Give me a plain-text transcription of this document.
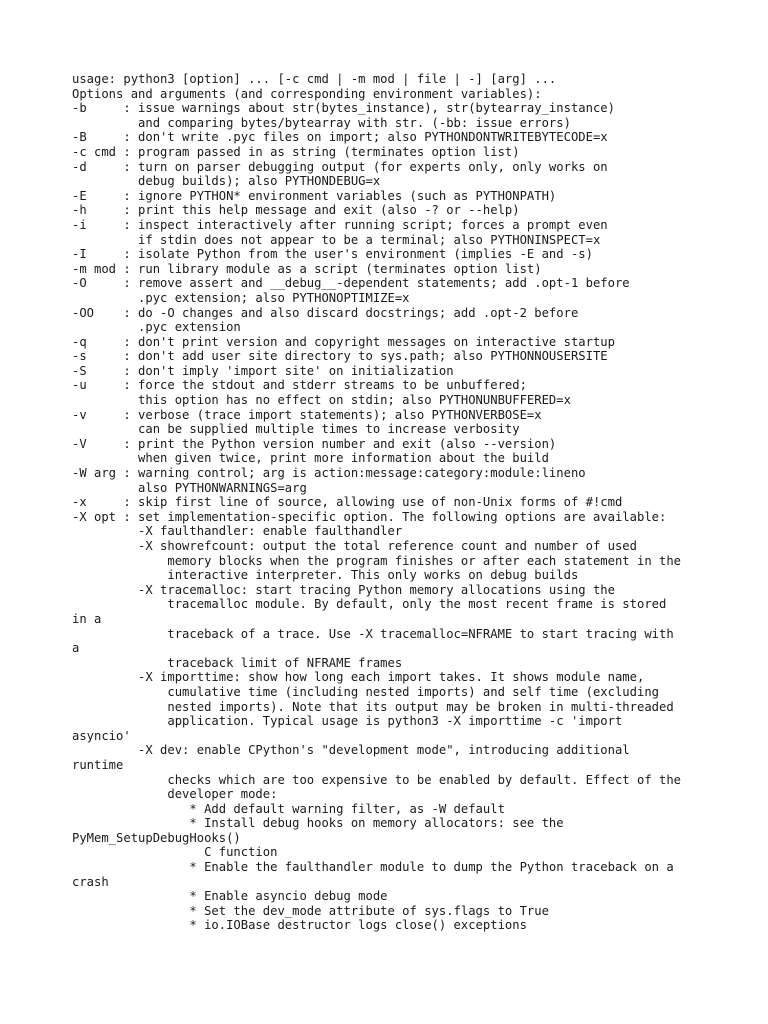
usage: python3 [option] ... [-c cmd | -m mod | file | -] [arg] ...
Options and arguments (and corresponding environment variables):
-b     : issue warnings about str(bytes_instance), str(bytearray_instance)
and comparing bytes/bytearray with str. (-bb: issue errors)
-B     : don't write .pyc files on import; also PYTHONDONTWRITEBYTECODE=x
-c cmd : program passed in as string (terminates option list)
-d     : turn on parser debugging output (for experts only, only works on
debug builds); also PYTHONDEBUG=x
-E     : ignore PYTHON* environment variables (such as PYTHONPATH)
-h     : print this help message and exit (also -? or --help)
-i     : inspect interactively after running script; forces a prompt even
if stdin does not appear to be a terminal; also PYTHONINSPECT=x
-I     : isolate Python from the user's environment (implies -E and -s)
-m mod : run library module as a script (terminates option list)
-O     : remove assert and __debug__-dependent statements; add .opt-1 before
.pyc extension; also PYTHONOPTIMIZE=x
-OO    : do -O changes and also discard docstrings; add .opt-2 before
.pyc extension
-q     : don't print version and copyright messages on interactive startup
-s     : don't add user site directory to sys.path; also PYTHONNOUSERSITE
-S     : don't imply 'import site' on initialization
-u     : force the stdout and stderr streams to be unbuffered;
this option has no effect on stdin; also PYTHONUNBUFFERED=x
-v     : verbose (trace import statements); also PYTHONVERBOSE=x
can be supplied multiple times to increase verbosity
-V     : print the Python version number and exit (also --version)
when given twice, print more information about the build
-W arg : warning control; arg is action:message:category:module:lineno
also PYTHONWARNINGS=arg
-x     : skip first line of source, allowing use of non-Unix forms of #!cmd
-X opt : set implementation-specific option. The following options are available:
-X faulthandler: enable faulthandler
-X showrefcount: output the total reference count and number of used
memory blocks when the program finishes or after each statement in the
interactive interpreter. This only works on debug builds
-X tracemalloc: start tracing Python memory allocations using the
tracemalloc module. By default, only the most recent frame is stored
in a
traceback of a trace. Use -X tracemalloc=NFRAME to start tracing with
a
traceback limit of NFRAME frames
-X importtime: show how long each import takes. It shows module name,
cumulative time (including nested imports) and self time (excluding
nested imports). Note that its output may be broken in multi-threaded
application. Typical usage is python3 -X importtime -c 'import
asyncio'
-X dev: enable CPython's "development mode", introducing additional
runtime
checks which are too expensive to be enabled by default. Effect of the
developer mode:
* Add default warning filter, as -W default
* Install debug hooks on memory allocators: see the
PyMem_SetupDebugHooks()
C function
* Enable the faulthandler module to dump the Python traceback on a
crash
* Enable asyncio debug mode
* Set the dev_mode attribute of sys.flags to True
* io.IOBase destructor logs close() exceptions
